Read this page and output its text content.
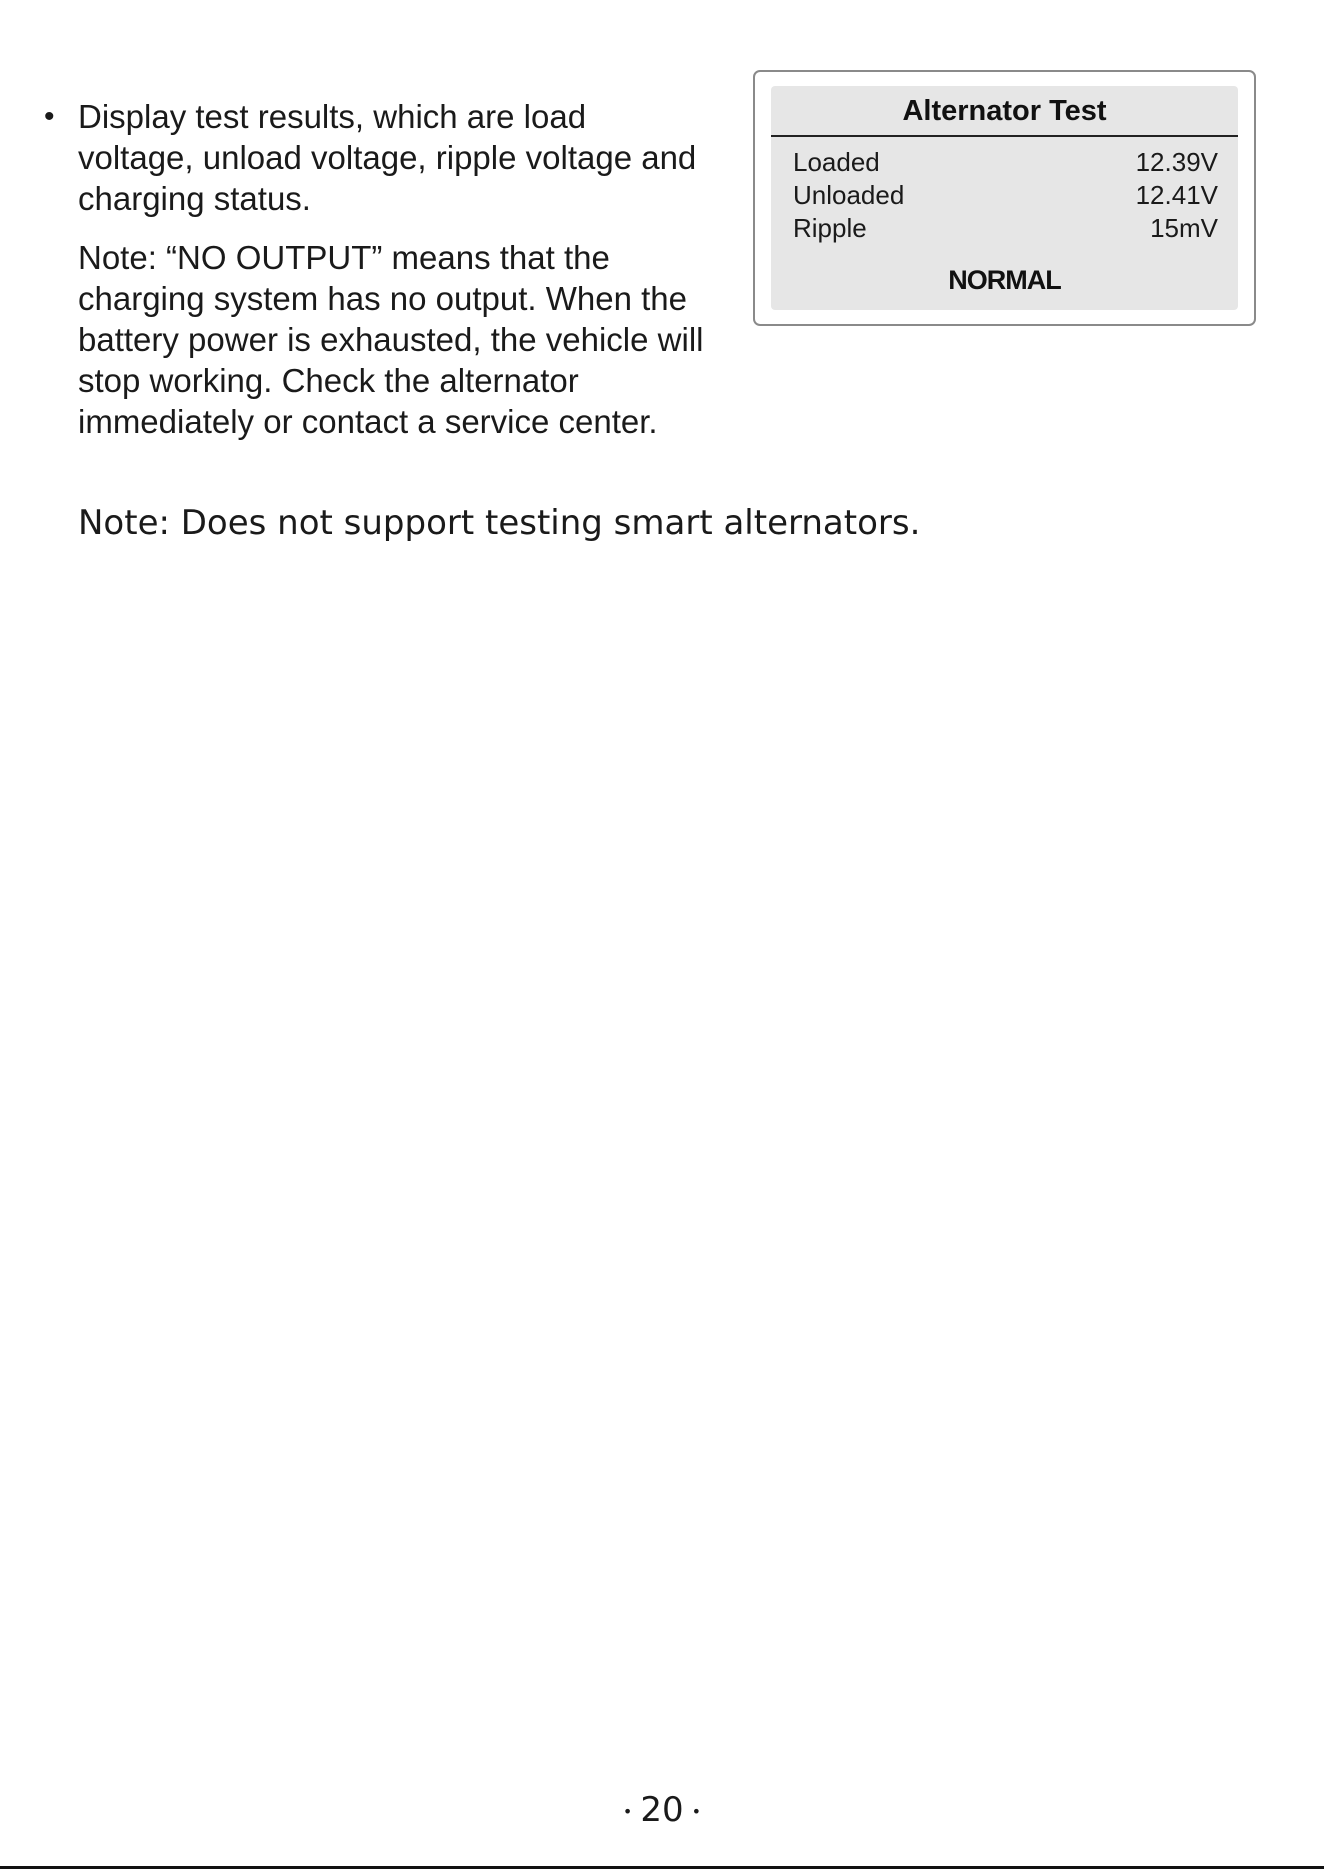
• Display test results, which are load voltage, unload voltage, ripple voltage and charging status.
Note: “NO OUTPUT” means that the charging system has no output. When the battery power is exhausted, the vehicle will stop working. Check the alternator immediately or contact a service center.
Note: Does not support testing smart alternators.
Alternator Test
Loaded	12.39V
Unloaded	12.41V
Ripple	15mV
NORMAL
• 20 •
